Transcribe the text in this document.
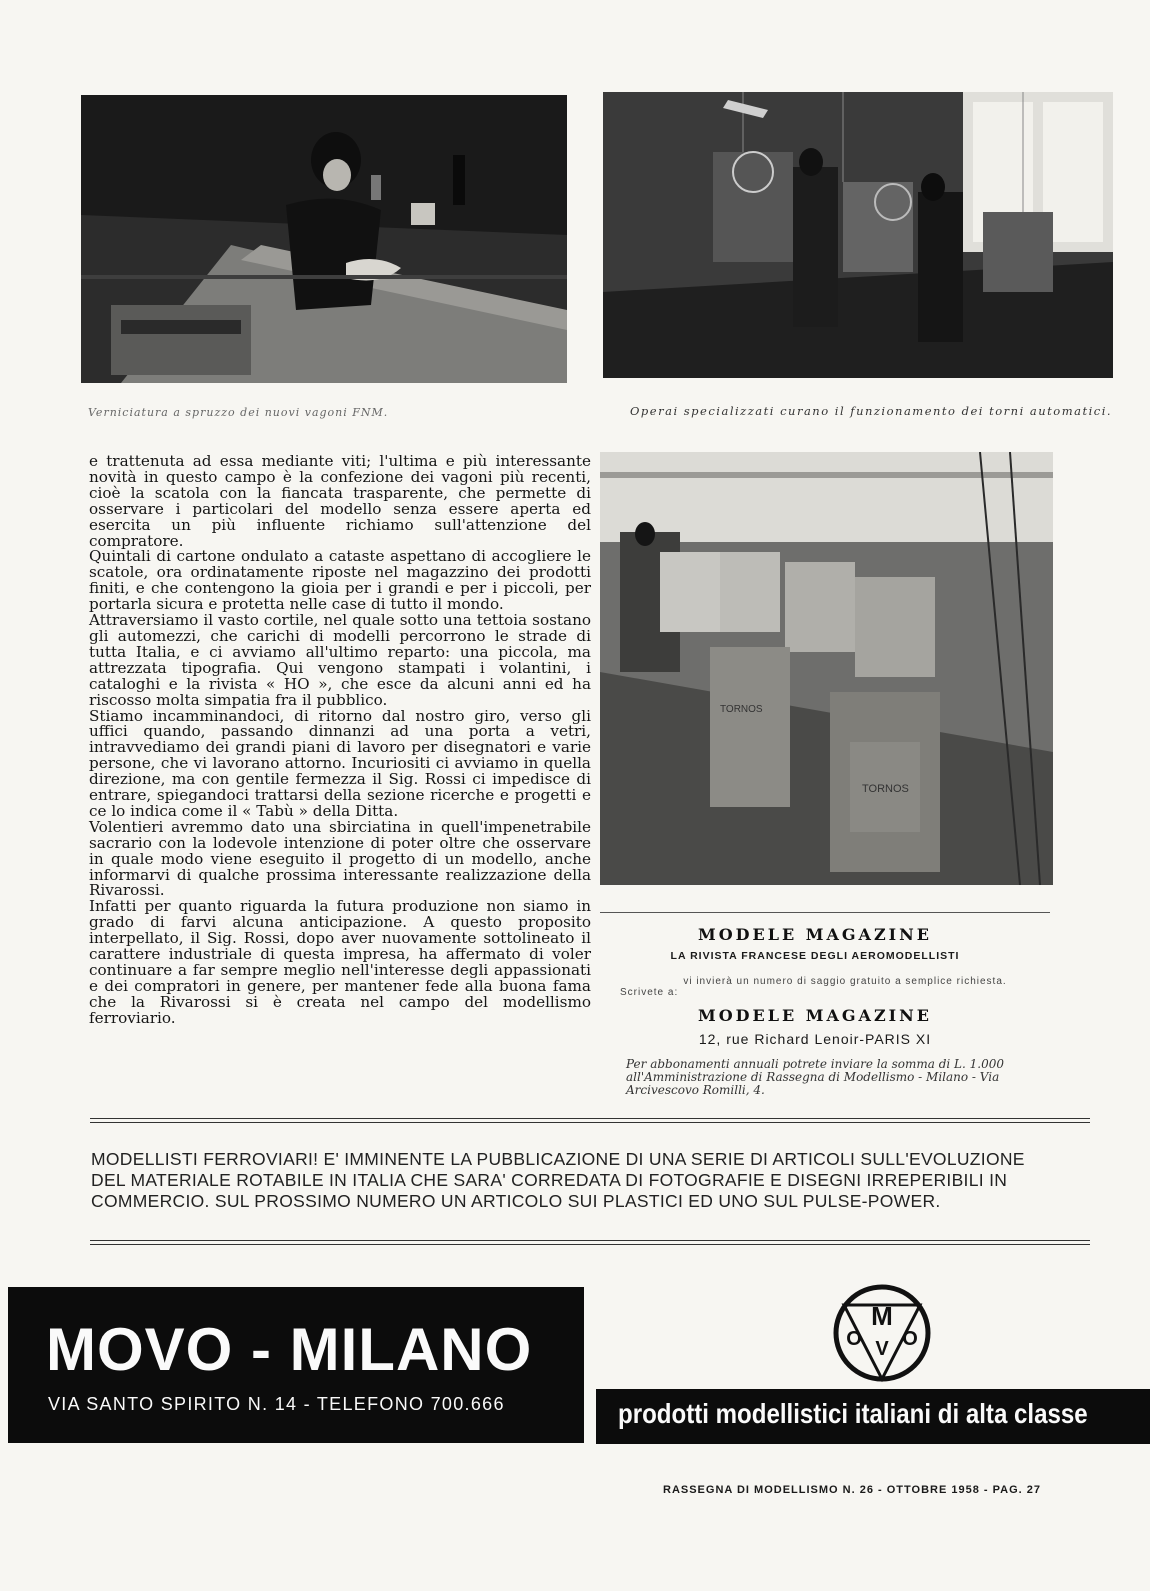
Verniciatura a spruzzo dei nuovi vagoni FNM.	Operai specializzati curano il funzionamento dei torni automatici.
TORNOS
TORNOS

e trattenuta ad essa mediante viti; l'ultima e più interessante novità in questo campo è la confezione dei vagoni più recenti, cioè la scatola con la fiancata trasparente, che permette di osservare i particolari del modello senza essere aperta ed esercita un più influente richiamo sull'attenzione del compratore.

Quintali di cartone ondulato a cataste aspettano di accogliere le scatole, ora ordinatamente riposte nel magazzino dei prodotti finiti, e che contengono la gioia per i grandi e per i piccoli, per portarla sicura e protetta nelle case di tutto il mondo.

Attraversiamo il vasto cortile, nel quale sotto una tettoia sostano gli automezzi, che carichi di modelli percorrono le strade di tutta Italia, e ci avviamo all'ultimo reparto: una piccola, ma attrezzata tipografia. Qui vengono stampati i volantini, i cataloghi e la rivista « HO », che esce da alcuni anni ed ha riscosso molta simpatia fra il pubblico.

Stiamo incamminandoci, di ritorno dal nostro giro, verso gli uffici quando, passando dinnanzi ad una porta a vetri, intravvediamo dei grandi piani di lavoro per disegnatori e varie persone, che vi lavorano attorno. Incuriositi ci avviamo in quella direzione, ma con gentile fermezza il Sig. Rossi ci impedisce di entrare, spiegandoci trattarsi della sezione ricerche e progetti e ce lo indica come il « Tabù » della Ditta.

Volentieri avremmo dato una sbirciatina in quell'impenetrabile sacrario con la lodevole intenzione di poter oltre che osservare in quale modo viene eseguito il progetto di un modello, anche informarvi di qualche prossima interessante realizzazione della Rivarossi.

Infatti per quanto riguarda la futura produzione non siamo in grado di farvi alcuna anticipazione. A questo proposito interpellato, il Sig. Rossi, dopo aver nuovamente sottolineato il carattere industriale di questa impresa, ha affermato di voler continuare a far sempre meglio nell'interesse degli appassionati e dei compratori in genere, per mantener fede alla buona fama che la Rivarossi si è creata nel campo del modellismo ferroviario.

MODELE MAGAZINE
LA RIVISTA FRANCESE DEGLI AEROMODELLISTI
vi invierà un numero di saggio gratuito a semplice richiesta.
Scrivete a:
MODELE MAGAZINE
12, rue Richard Lenoir-PARIS XI
Per abbonamenti annuali potrete inviare la somma di L. 1.000 all'Amministrazione di Rassegna di Modellismo - Milano - Via Arcivescovo Romilli, 4.
MODELLISTI FERROVIARI! E' IMMINENTE LA PUBBLICAZIONE DI UNA SERIE DI ARTICOLI SULL'EVOLUZIONE
DEL MATERIALE ROTABILE IN ITALIA CHE SARA' CORREDATA DI FOTOGRAFIE E DISEGNI IRREPERIBILI IN
COMMERCIO. SUL PROSSIMO NUMERO UN ARTICOLO SUI PLASTICI ED UNO SUL PULSE-POWER.
MOVO - MILANO
VIA SANTO SPIRITO N. 14 - TELEFONO 700.666
M
O V O
prodotti modellistici italiani di alta classe
RASSEGNA DI MODELLISMO N. 26 - OTTOBRE 1958 - PAG. 27
